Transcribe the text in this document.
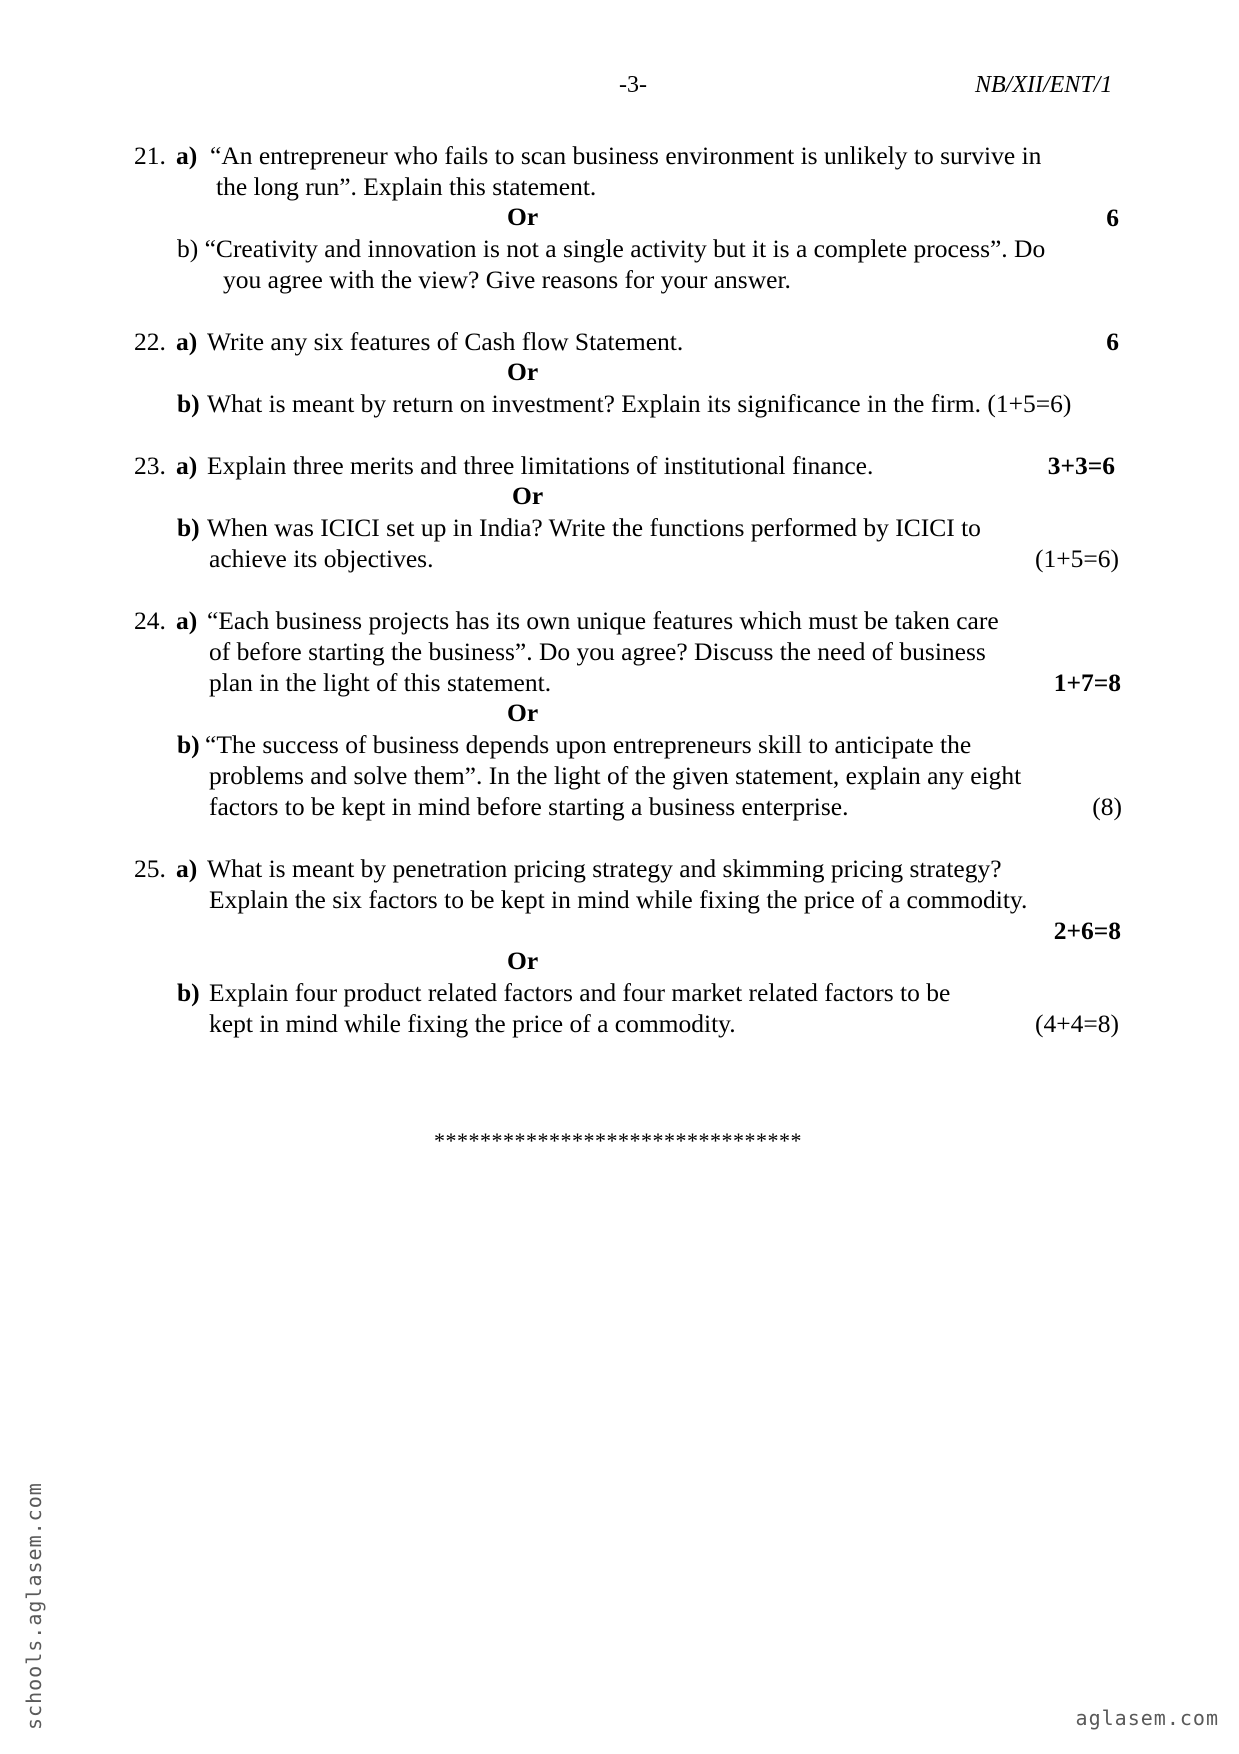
-3-	NB/XII/ENT/1
21. a) “An entrepreneur who fails to scan business environment is unlikely to survive in
the long run”. Explain this statement.
Or	6
b) “Creativity and innovation is not a single activity but it is a complete process”. Do
you agree with the view? Give reasons for your answer.
22. a) Write any six features of Cash flow Statement.	6
Or
b) What is meant by return on investment? Explain its significance in the firm. (1+5=6)
23. a) Explain three merits and three limitations of institutional finance.	3+3=6
Or
b) When was ICICI set up in India? Write the functions performed by ICICI to
achieve its objectives.	(1+5=6)
24. a) “Each business projects has its own unique features which must be taken care
of before starting the business”. Do you agree? Discuss the need of business
plan in the light of this statement.	1+7=8
Or
b) “The success of business depends upon entrepreneurs skill to anticipate the
problems and solve them”. In the light of the given statement, explain any eight
factors to be kept in mind before starting a business enterprise.	(8)
25. a) What is meant by penetration pricing strategy and skimming pricing strategy?
Explain the six factors to be kept in mind while fixing the price of a commodity.
2+6=8
Or
b) Explain four product related factors and four market related factors to be
kept in mind while fixing the price of a commodity.	(4+4=8)
********************************
schools.aglasem.com	aglasem.com
